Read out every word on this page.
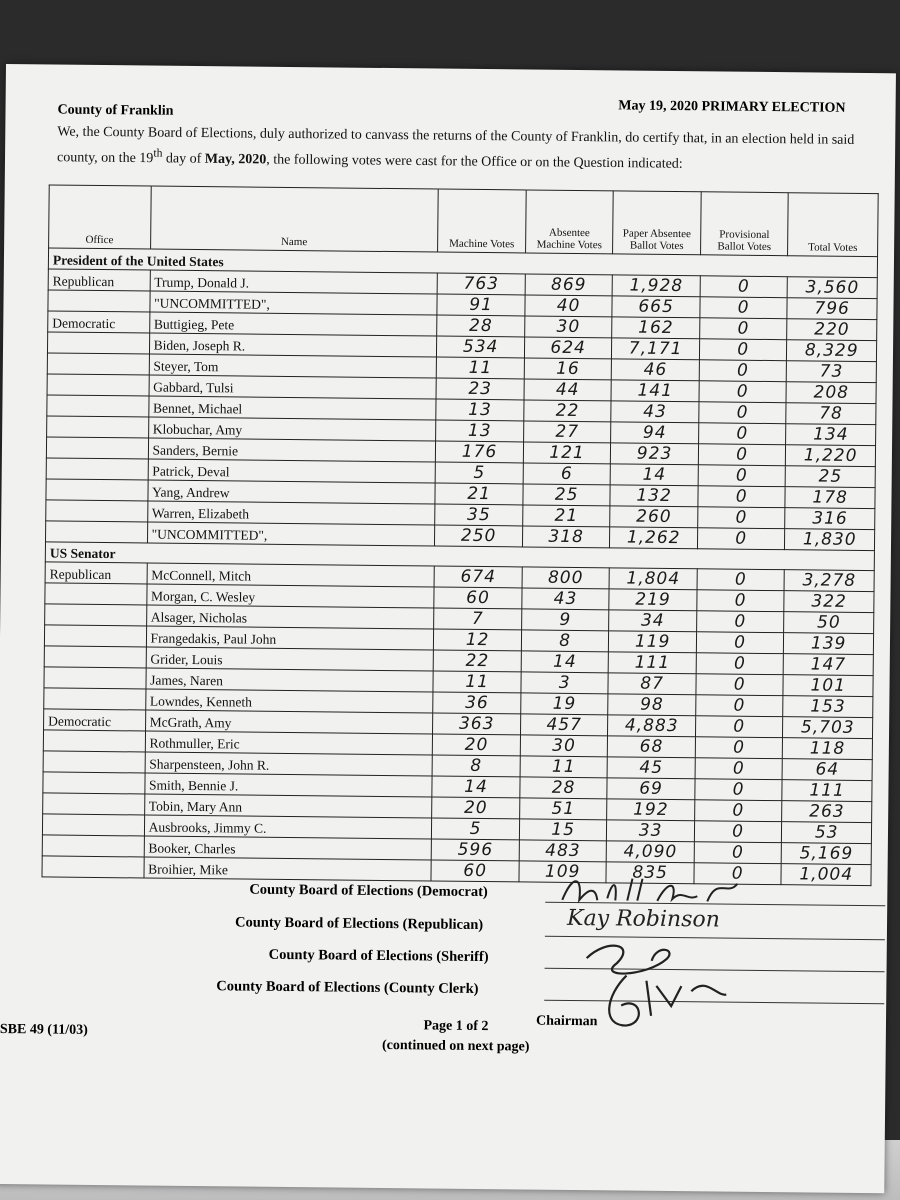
County of Franklin	May 19, 2020 PRIMARY ELECTION
We, the County Board of Elections, duly authorized to canvass the returns of the County of Franklin, do certify that, in an election held in said county, on the 19th day of May, 2020, the following votes were cast for the Office or on the Question indicated:
Office	Name	Machine Votes	Absentee Machine Votes	Paper Absentee Ballot Votes	Provisional Ballot Votes	Total Votes
President of the United States						
Republican	Trump, Donald J.	763	869	1,928	0	3,560
	"UNCOMMITTED",	91	40	665	0	796
Democratic	Buttigieg, Pete	28	30	162	0	220
	Biden, Joseph R.	534	624	7,171	0	8,329
	Steyer, Tom	11	16	46	0	73
	Gabbard, Tulsi	23	44	141	0	208
	Bennet, Michael	13	22	43	0	78
	Klobuchar, Amy	13	27	94	0	134
	Sanders, Bernie	176	121	923	0	1,220
	Patrick, Deval	5	6	14	0	25
	Yang, Andrew	21	25	132	0	178
	Warren, Elizabeth	35	21	260	0	316
	"UNCOMMITTED",	250	318	1,262	0	1,830
US Senator						
Republican	McConnell, Mitch	674	800	1,804	0	3,278
	Morgan, C. Wesley	60	43	219	0	322
	Alsager, Nicholas	7	9	34	0	50
	Frangedakis, Paul John	12	8	119	0	139
	Grider, Louis	22	14	111	0	147
	James, Naren	11	3	87	0	101
	Lowndes, Kenneth	36	19	98	0	153
Democratic	McGrath, Amy	363	457	4,883	0	5,703
	Rothmuller, Eric	20	30	68	0	118
	Sharpensteen, John R.	8	11	45	0	64
	Smith, Bennie J.	14	28	69	0	111
	Tobin, Mary Ann	20	51	192	0	263
	Ausbrooks, Jimmy C.	5	15	33	0	53
	Booker, Charles	596	483	4,090	0	5,169
	Broihier, Mike	60	109	835	0	1,004
County Board of Elections (Democrat)
County Board of Elections (Republican)	Kay Robinson
County Board of Elections (Sheriff)
County Board of Elections (County Clerk)
Chairman
SBE 49 (11/03)	Page 1 of 2
(continued on next page)
